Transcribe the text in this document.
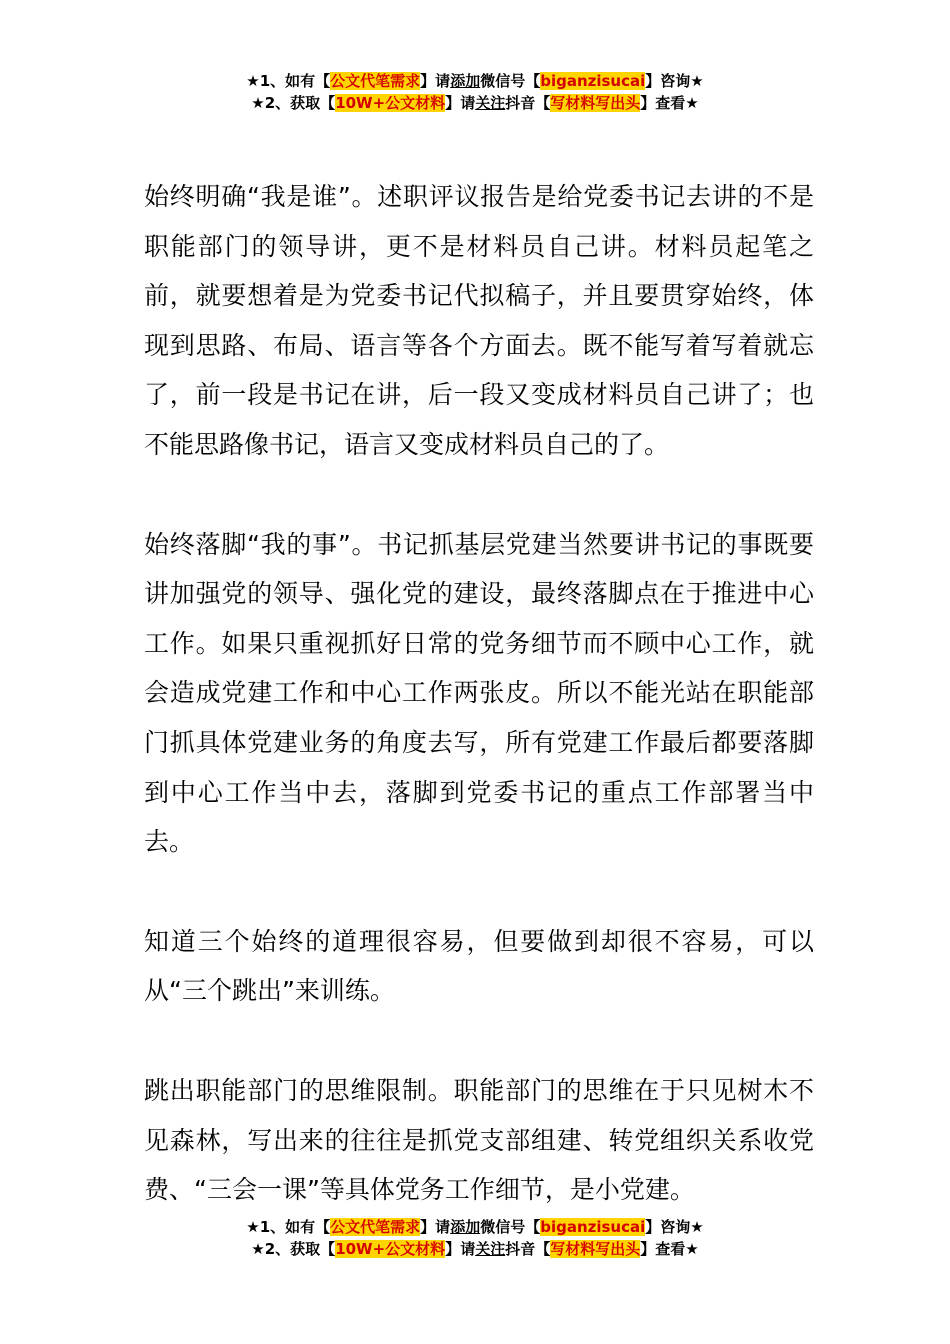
★1、如有【公文代笔需求】请添加微信号【biganzisucai】咨询★
★2、获取【10W+公文材料】请关注抖音【写材料写出头】查看★

始终明确“我是谁”。述职评议报告是给党委书记去讲的不是职能部门的领导讲，更不是材料员自己讲。材料员起笔之前，就要想着是为党委书记代拟稿子，并且要贯穿始终，体现到思路、布局、语言等各个方面去。既不能写着写着就忘了，前一段是书记在讲，后一段又变成材料员自己讲了；也不能思路像书记，语言又变成材料员自己的了。

始终落脚“我的事”。书记抓基层党建当然要讲书记的事既要讲加强党的领导、强化党的建设，最终落脚点在于推进中心工作。如果只重视抓好日常的党务细节而不顾中心工作，就会造成党建工作和中心工作两张皮。所以不能光站在职能部门抓具体党建业务的角度去写，所有党建工作最后都要落脚到中心工作当中去，落脚到党委书记的重点工作部署当中去。

知道三个始终的道理很容易，但要做到却很不容易，可以从“三个跳出”来训练。

跳出职能部门的思维限制。职能部门的思维在于只见树木不见森林，写出来的往往是抓党支部组建、转党组织关系收党费、“三会一课”等具体党务工作细节，是小党建。

★1、如有【公文代笔需求】请添加微信号【biganzisucai】咨询★
★2、获取【10W+公文材料】请关注抖音【写材料写出头】查看★
